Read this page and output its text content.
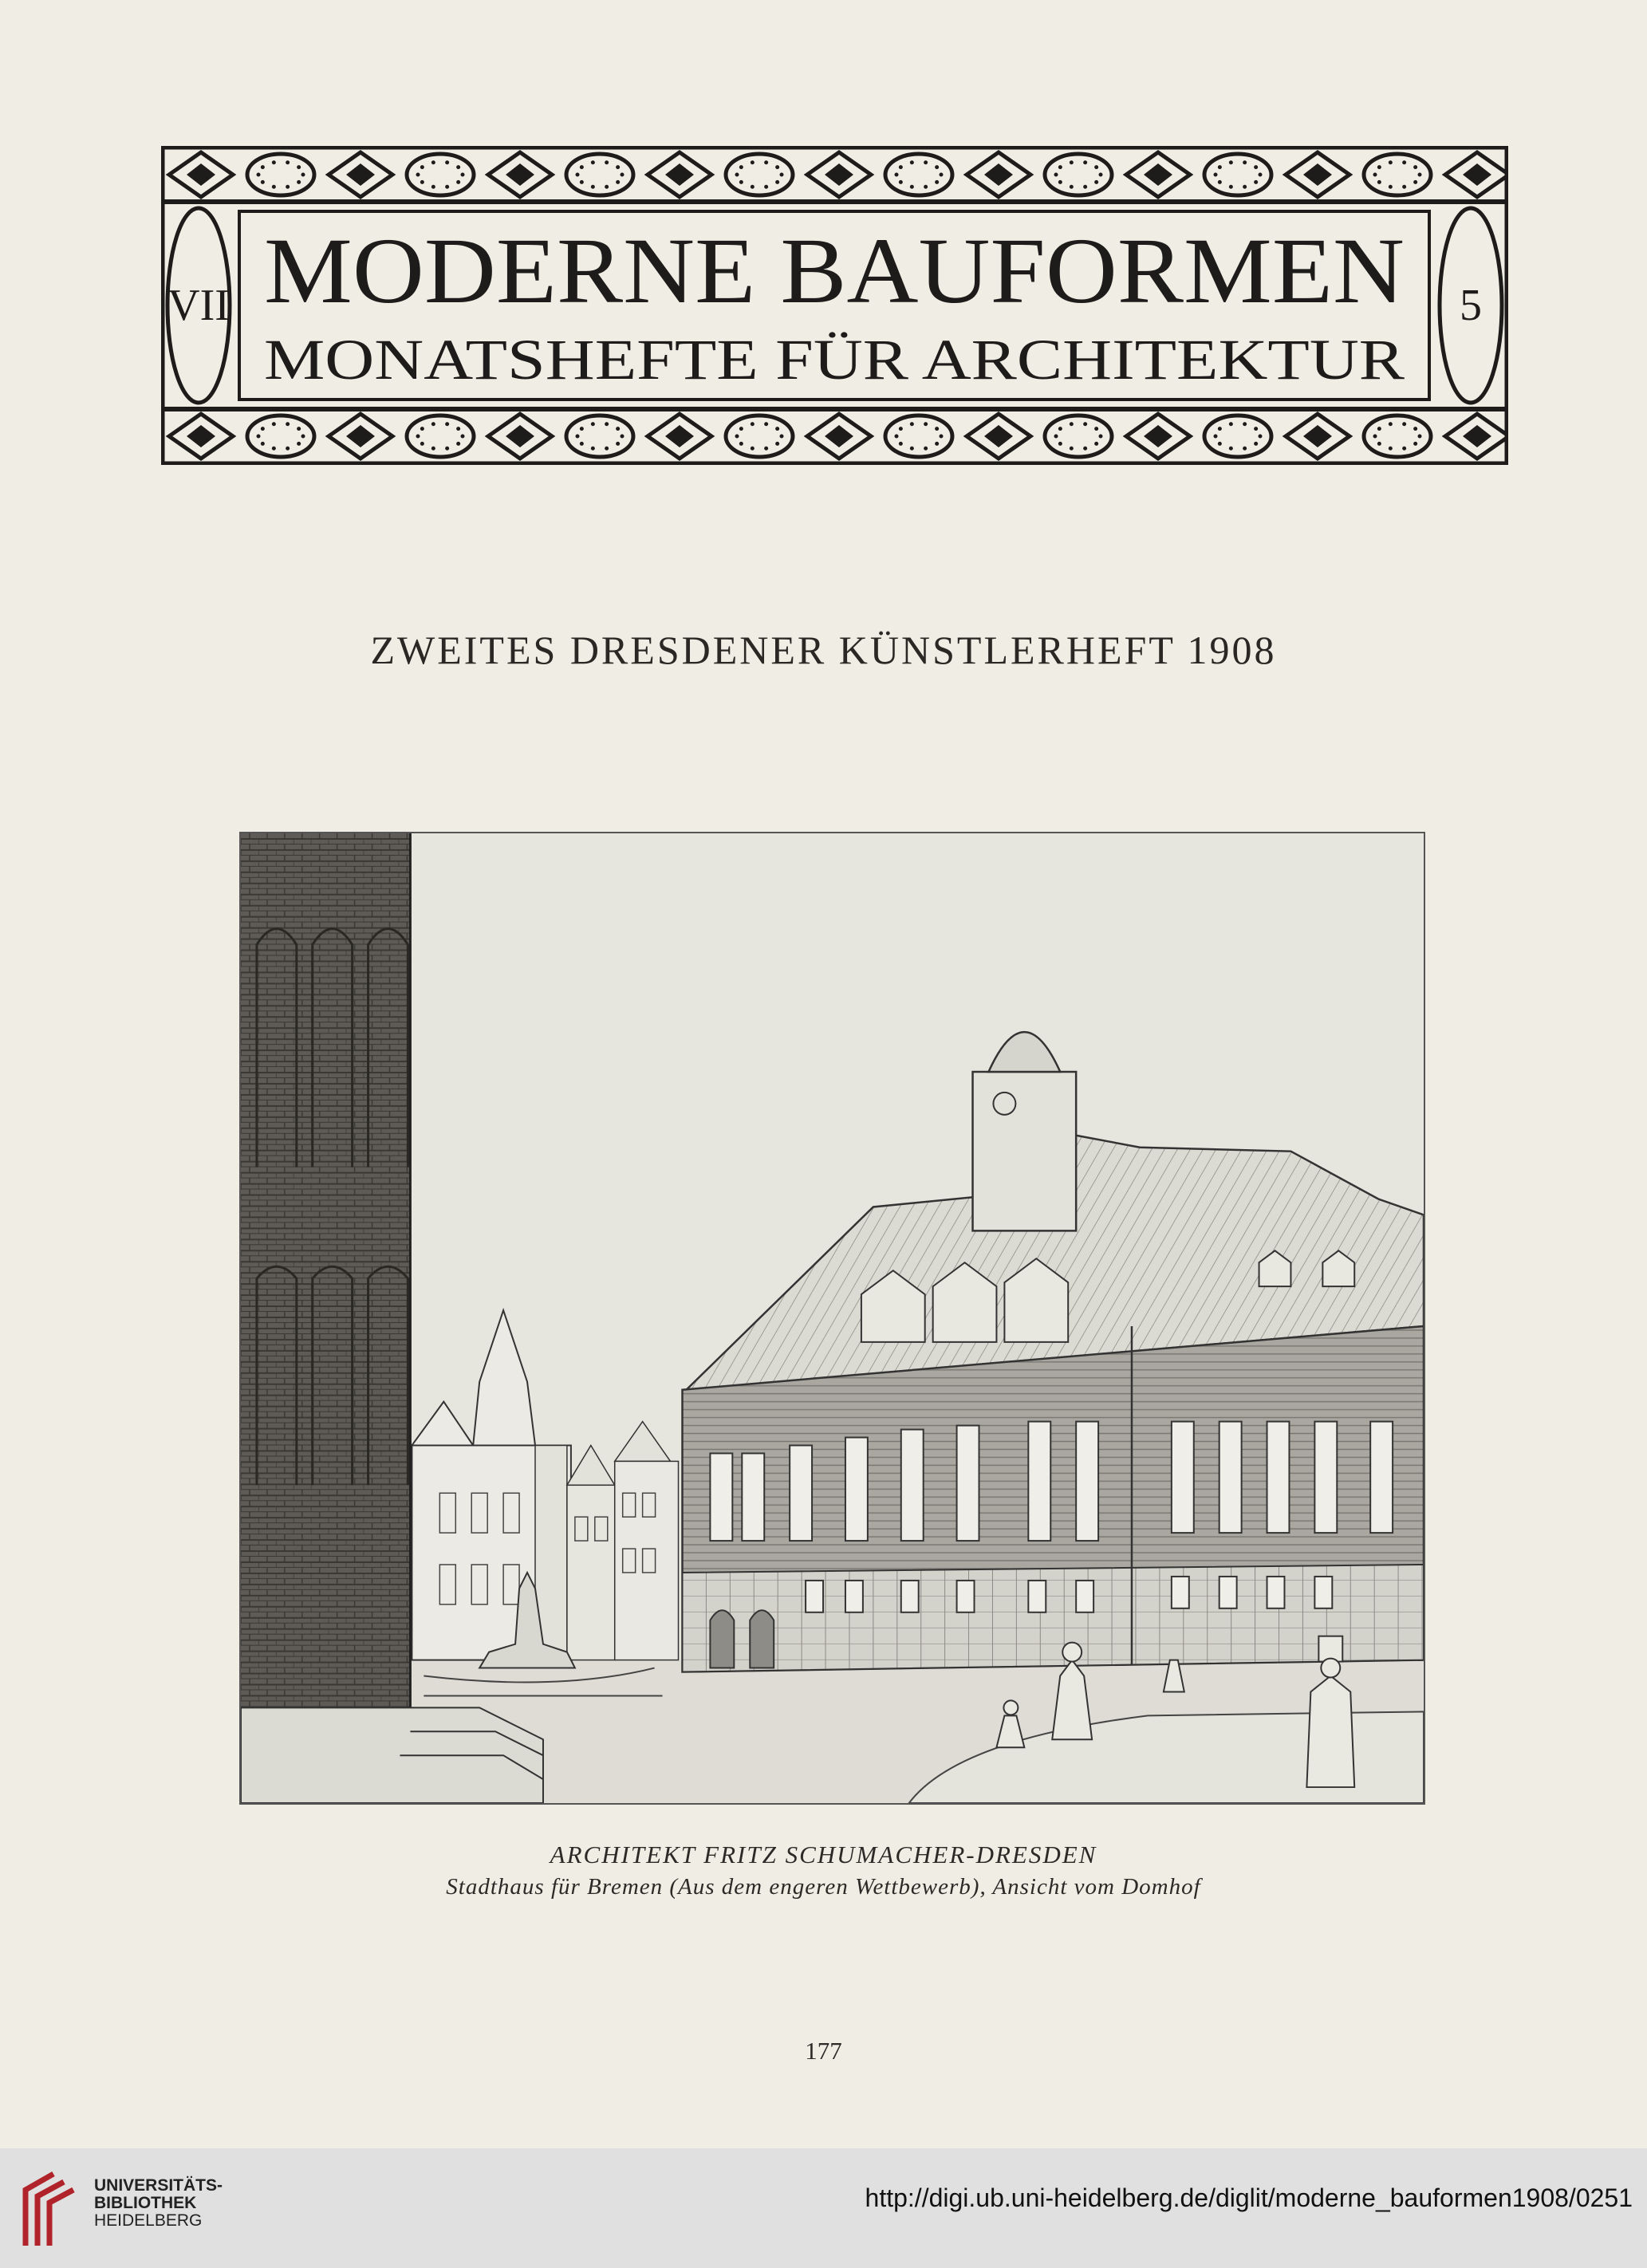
VII	5
MODERNE BAUFORMEN
MONATSHEFTE FÜR ARCHITEKTUR
ZWEITES DRESDENER KÜNSTLERHEFT 1908
ARCHITEKT FRITZ SCHUMACHER-DRESDEN
Stadthaus für Bremen (Aus dem engeren Wettbewerb), Ansicht vom Domhof
177
UNIVERSITÄTS-
BIBLIOTHEK
HEIDELBERG
http://digi.ub.uni-heidelberg.de/diglit/moderne_bauformen1908/0251
